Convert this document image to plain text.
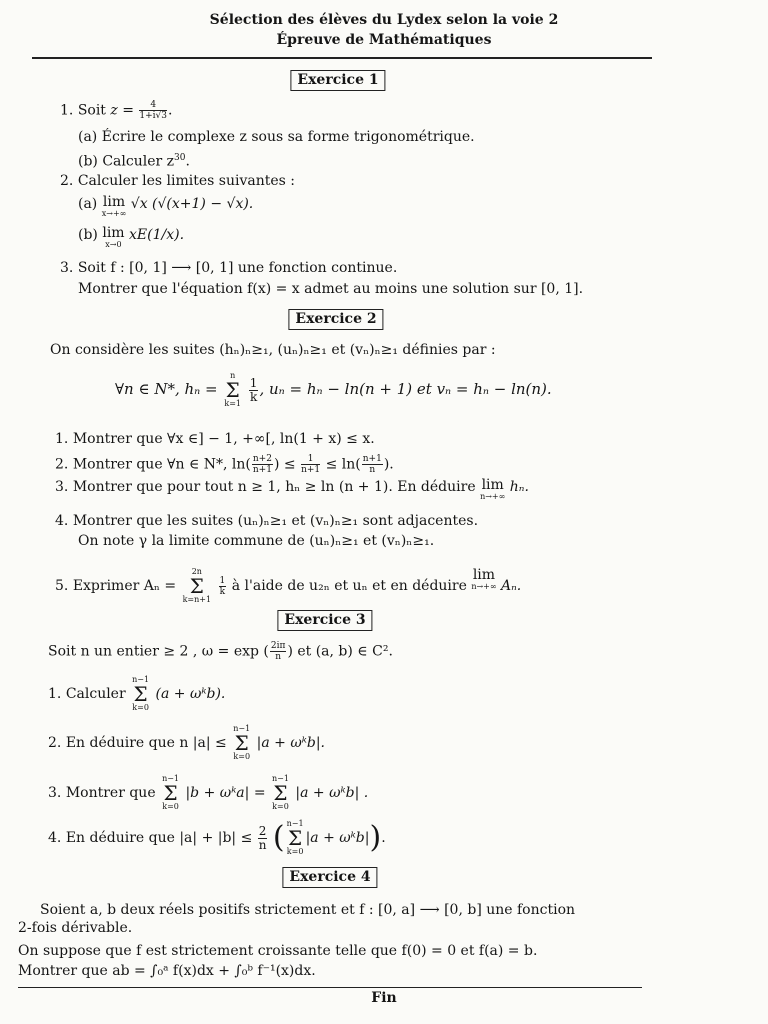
Sélection des élèves du Lydex selon la voie 2
Épreuve de Mathématiques
Exercice 1
1. Soit $z = \frac{4}{1+i√3}$ .
(a) Écrire le complexe z sous sa forme trigonométrique.
(b) Calculer $z^{30}$.
2. Calculer les limites suivantes :
(a) lim
x→+∞
√x (√(x+1) − √x).
(b) lim
x→0
xE(1/x).
3. Soit f : [0, 1] ⟶ [0, 1] une fonction continue.
Montrer que l'équation f(x) = x admet au moins une solution sur [0, 1].
Exercice 2
On considère les suites (hₙ)ₙ≥₁, (uₙ)ₙ≥₁ et (vₙ)ₙ≥₁ définies par :
∀n ∈ N*, hₙ =
n
Σ
k=1
$\frac{1}{k}$ , uₙ = hₙ − ln(n + 1) et vₙ = hₙ − ln(n).
1. Montrer que ∀x ∈] − 1, +∞[, ln(1 + x) ≤ x.
2. Montrer que ∀n ∈ N*, $\ln( \frac{n+2}{n+1}$ ) ≤ $\frac{1}{n+1} \le \ln( \frac{n+1}{n}$ ).
3. Montrer que pour tout n ≥ 1, hₙ ≥ ln (n + 1). En déduire lim
n→+∞
hₙ.
4. Montrer que les suites (uₙ)ₙ≥₁ et (vₙ)ₙ≥₁ sont adjacentes.
On note γ la limite commune de (uₙ)ₙ≥₁ et (vₙ)ₙ≥₁.
5. Exprimer Aₙ =
2n
Σ
k=n+1

$\frac{1}{k}$ à l'aide de u₂ₙ et uₙ et en déduire
lim
n→+∞ Aₙ.
Exercice 3
Soit n un entier ≥ 2 , ω = exp ( $\frac{2i\pi}{n}$ ) et (a, b) ∈ C².
1. Calculer
n−1
Σ
k=0
(a + ωᵏb).
2. En déduire que n |a| ≤
n−1
Σ
k=0
|a + ωᵏb|.
3. Montrer que
n−1
Σ
k=0
|b + ωᵏa| =
n−1
Σ
k=0
|a + ωᵏb| .
4. En déduire que $|a| + |b| \le \frac{2}{n}$ ( n−1
Σ
k=0
|a + ωᵏb|).
Exercice 4
Soient a, b deux réels positifs strictement et f : [0, a] ⟶ [0, b] une fonction
2-fois dérivable.
On suppose que f est strictement croissante telle que f(0) = 0 et f(a) = b.
Montrer que ab = ∫₀ᵃ f(x)dx + ∫₀ᵇ f⁻¹(x)dx.
Fin
